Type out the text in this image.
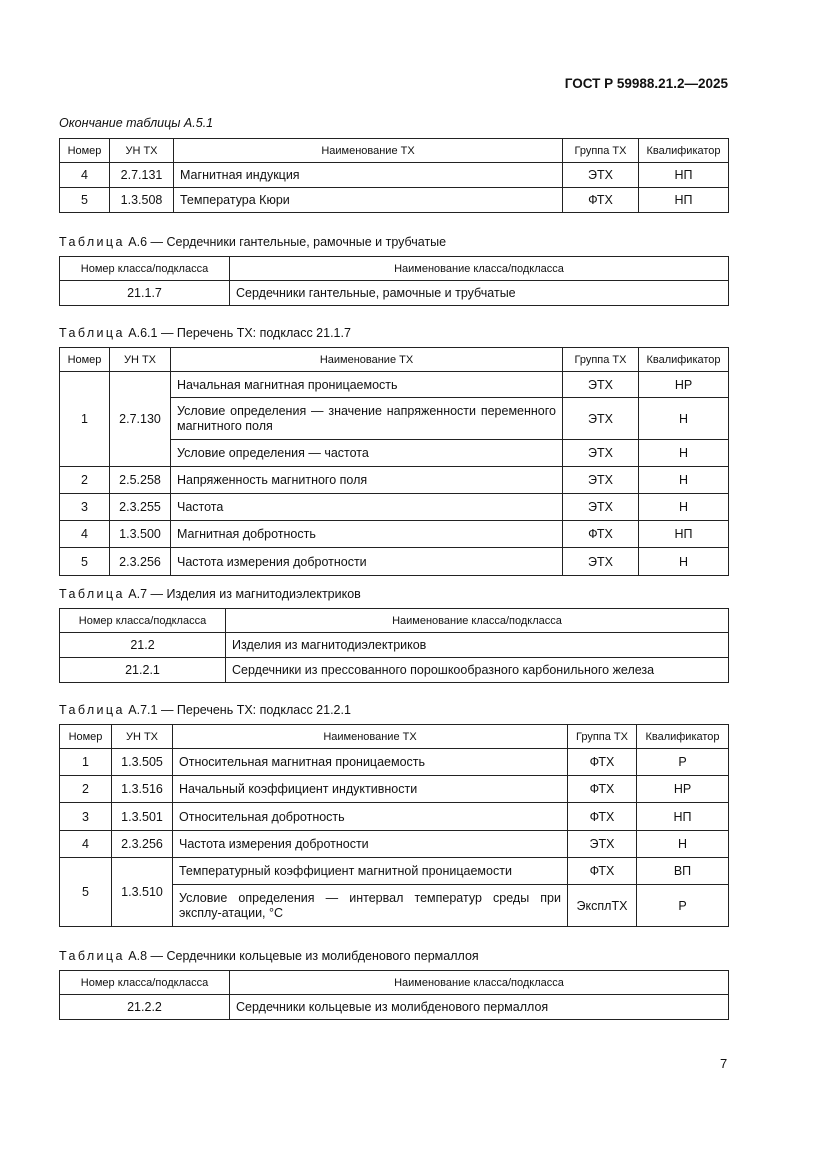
ГОСТ Р 59988.21.2—2025
Окончание таблицы А.5.1
Номер	УН ТХ	Наименование ТХ	Группа ТХ	Квалификатор
4	2.7.131	Магнитная индукция	ЭТХ	НП
5	1.3.508	Температура Кюри	ФТХ	НП
Таблица А.6 — Сердечники гантельные, рамочные и трубчатые
Номер класса/подкласса	Наименование класса/подкласса
21.1.7	Сердечники гантельные, рамочные и трубчатые
Таблица А.6.1 — Перечень ТХ: подкласс 21.1.7
Номер	УН ТХ	Наименование ТХ	Группа ТХ	Квалификатор
1	2.7.130	Начальная магнитная проницаемость	ЭТХ	НР
		Условие определения — значение напряженности переменного магнитного поля	ЭТХ	Н
		Условие определения — частота	ЭТХ	Н
2	2.5.258	Напряженность магнитного поля	ЭТХ	Н
3	2.3.255	Частота	ЭТХ	Н
4	1.3.500	Магнитная добротность	ФТХ	НП
5	2.3.256	Частота измерения добротности	ЭТХ	Н
Таблица А.7 — Изделия из магнитодиэлектриков
Номер класса/подкласса	Наименование класса/подкласса
21.2	Изделия из магнитодиэлектриков
21.2.1	Сердечники из прессованного порошкообразного карбонильного железа
Таблица А.7.1 — Перечень ТХ: подкласс 21.2.1
Номер	УН ТХ	Наименование ТХ	Группа ТХ	Квалификатор
1	1.3.505	Относительная магнитная проницаемость	ФТХ	Р
2	1.3.516	Начальный коэффициент индуктивности	ФТХ	НР
3	1.3.501	Относительная добротность	ФТХ	НП
4	2.3.256	Частота измерения добротности	ЭТХ	Н
5	1.3.510	Температурный коэффициент магнитной проницаемости	ФТХ	ВП
		Условие определения — интервал температур среды при эксплу-атации, °С	ЭксплТХ	Р
Таблица А.8 — Сердечники кольцевые из молибденового пермаллоя
Номер класса/подкласса	Наименование класса/подкласса
21.2.2	Сердечники кольцевые из молибденового пермаллоя
7
